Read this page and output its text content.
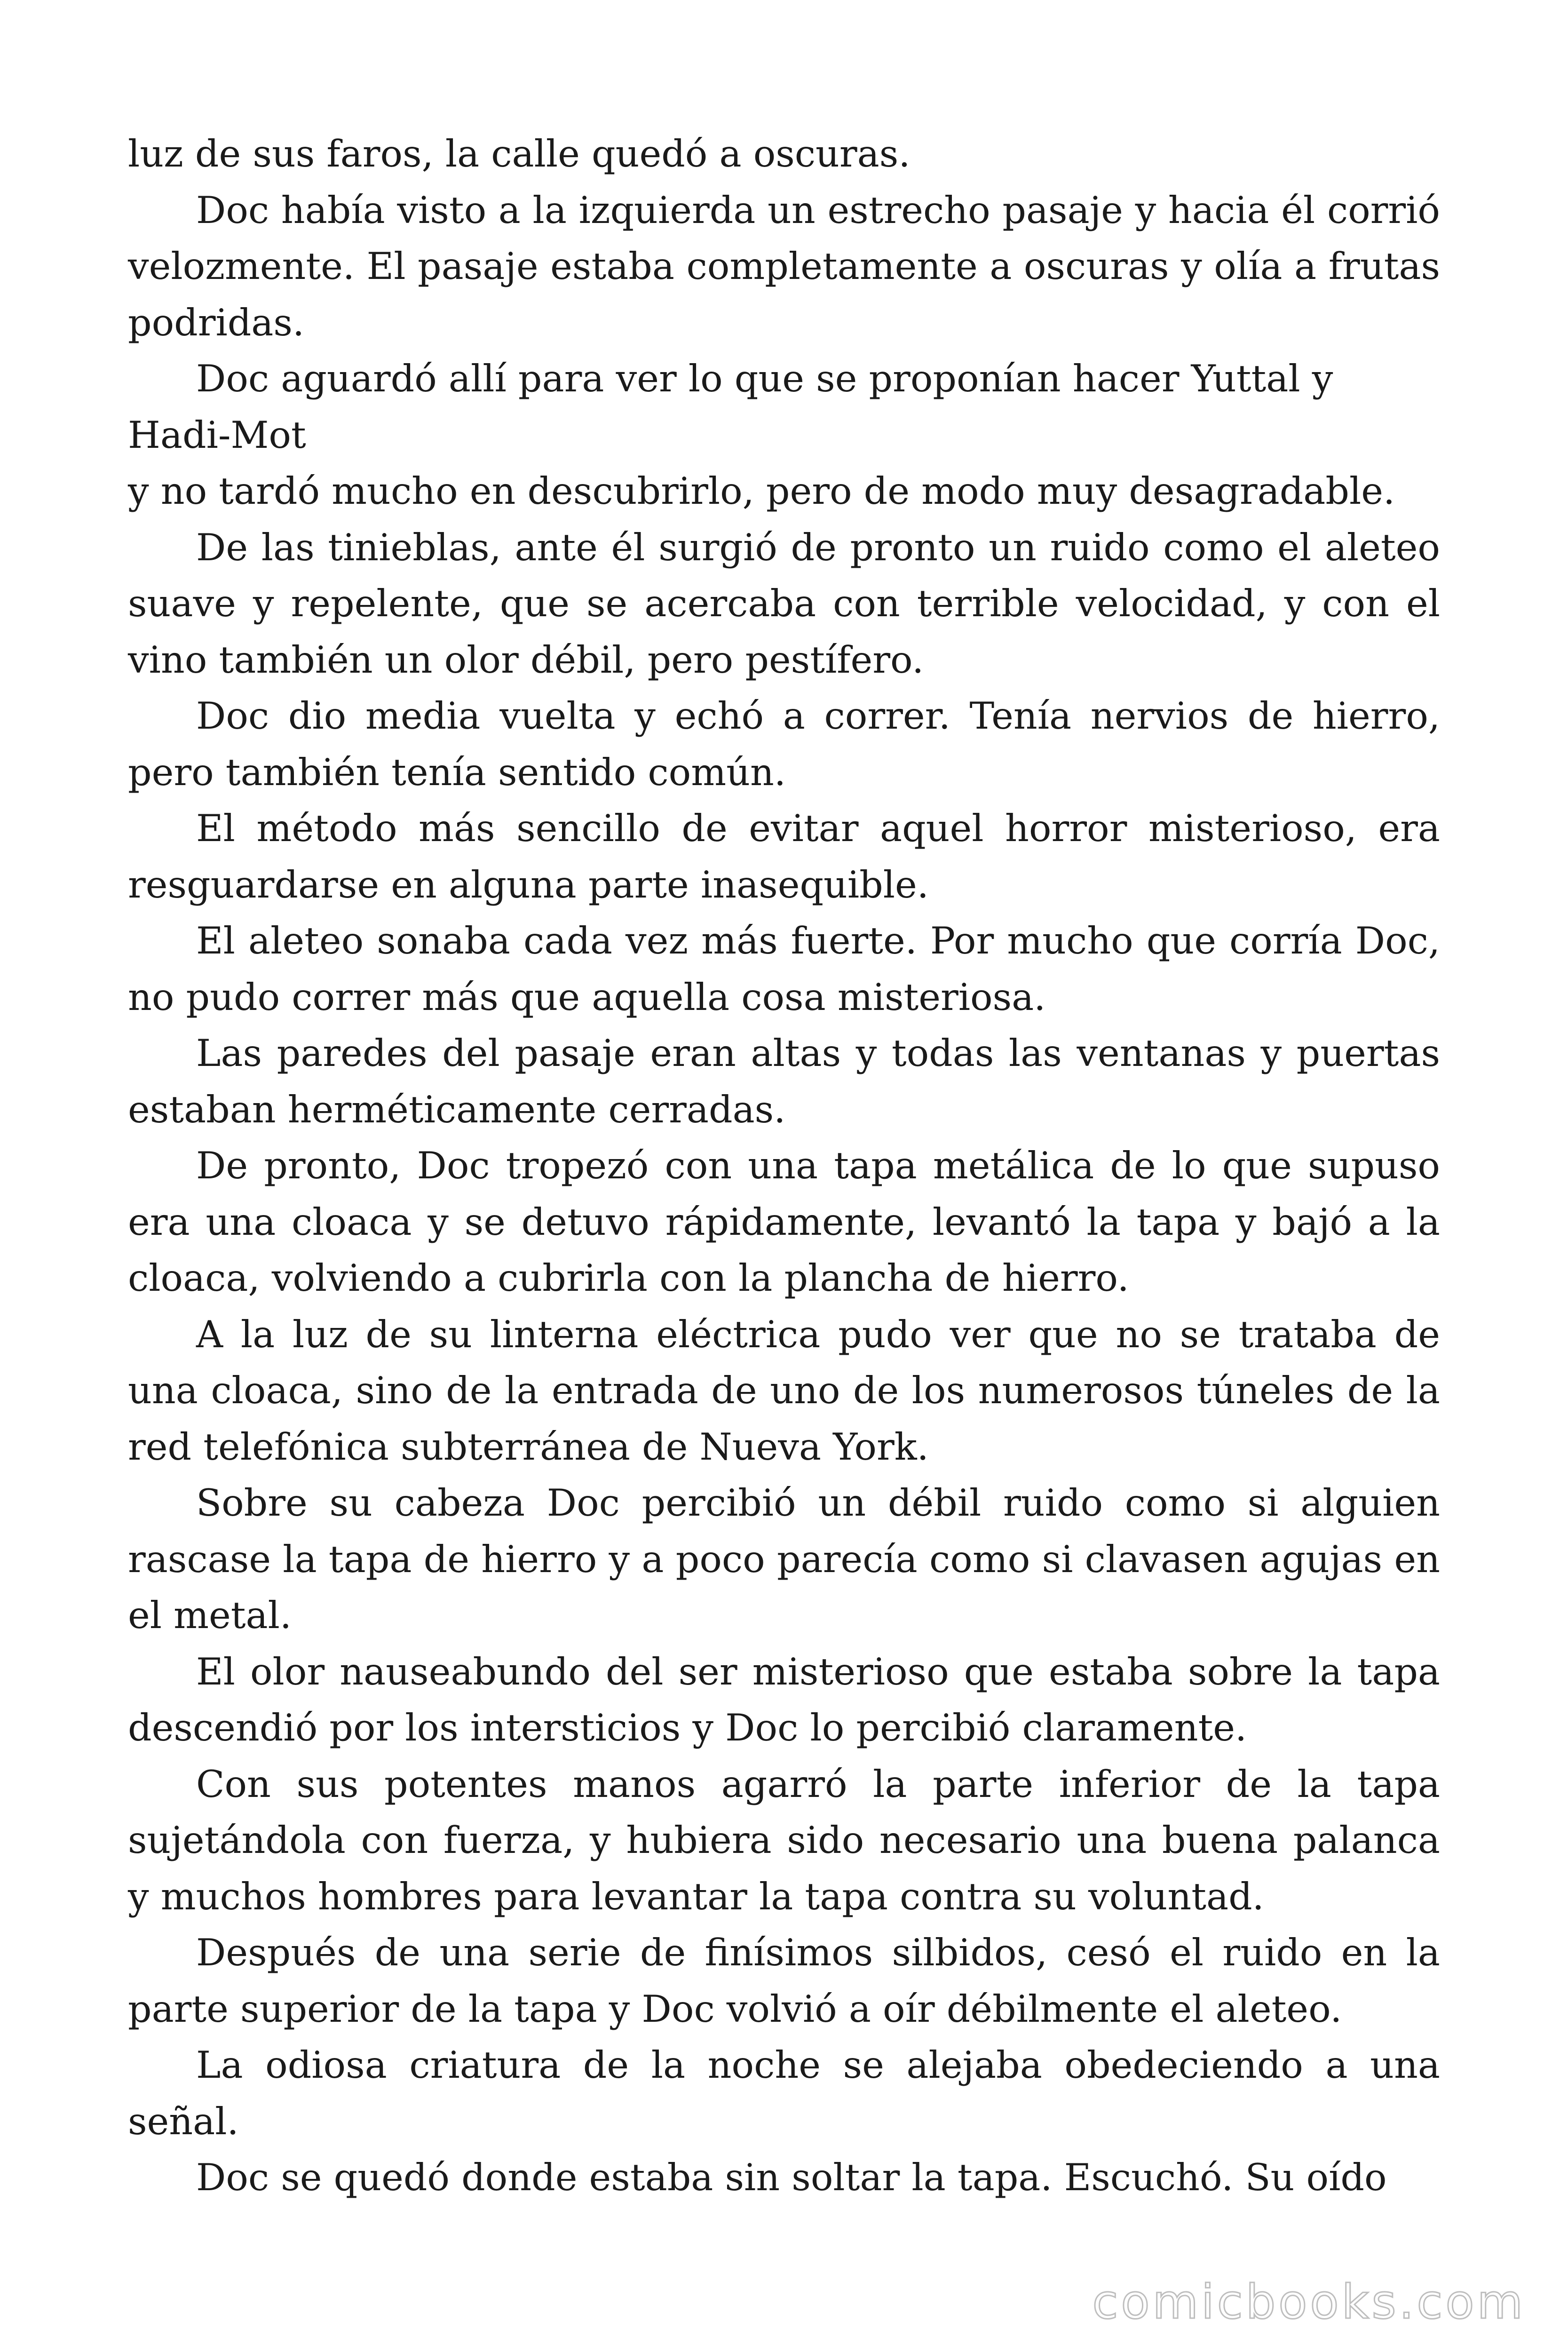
luz de sus faros, la calle quedó a oscuras.

Doc había visto a la izquierda un estrecho pasaje y hacia él corrió velozmente. El pasaje estaba completamente a oscuras y olía a frutas podridas.

Doc aguardó allí para ver lo que se proponían hacer Yuttal y Hadi-Mot

y no tardó mucho en descubrirlo, pero de modo muy desagradable.

De las tinieblas, ante él surgió de pronto un ruido como el aleteo suave y repelente, que se acercaba con terrible velocidad, y con el vino también un olor débil, pero pestífero.

Doc dio media vuelta y echó a correr. Tenía nervios de hierro, pero también tenía sentido común.

El método más sencillo de evitar aquel horror misterioso, era resguardarse en alguna parte inasequible.

El aleteo sonaba cada vez más fuerte. Por mucho que corría Doc, no pudo correr más que aquella cosa misteriosa.

Las paredes del pasaje eran altas y todas las ventanas y puertas estaban herméticamente cerradas.

De pronto, Doc tropezó con una tapa metálica de lo que supuso era una cloaca y se detuvo rápidamente, levantó la tapa y bajó a la cloaca, volviendo a cubrirla con la plancha de hierro.

A la luz de su linterna eléctrica pudo ver que no se trataba de una cloaca, sino de la entrada de uno de los numerosos túneles de la red telefónica subterránea de Nueva York.

Sobre su cabeza Doc percibió un débil ruido como si alguien rascase la tapa de hierro y a poco parecía como si clavasen agujas en el metal.

El olor nauseabundo del ser misterioso que estaba sobre la tapa descendió por los intersticios y Doc lo percibió claramente.

Con sus potentes manos agarró la parte inferior de la tapa sujetándola con fuerza, y hubiera sido necesario una buena palanca y muchos hombres para levantar la tapa contra su voluntad.

Después de una serie de finísimos silbidos, cesó el ruido en la parte superior de la tapa y Doc volvió a oír débilmente el aleteo.

La odiosa criatura de la noche se alejaba obedeciendo a una señal.

Doc se quedó donde estaba sin soltar la tapa. Escuchó. Su oído

comicbooks.com
